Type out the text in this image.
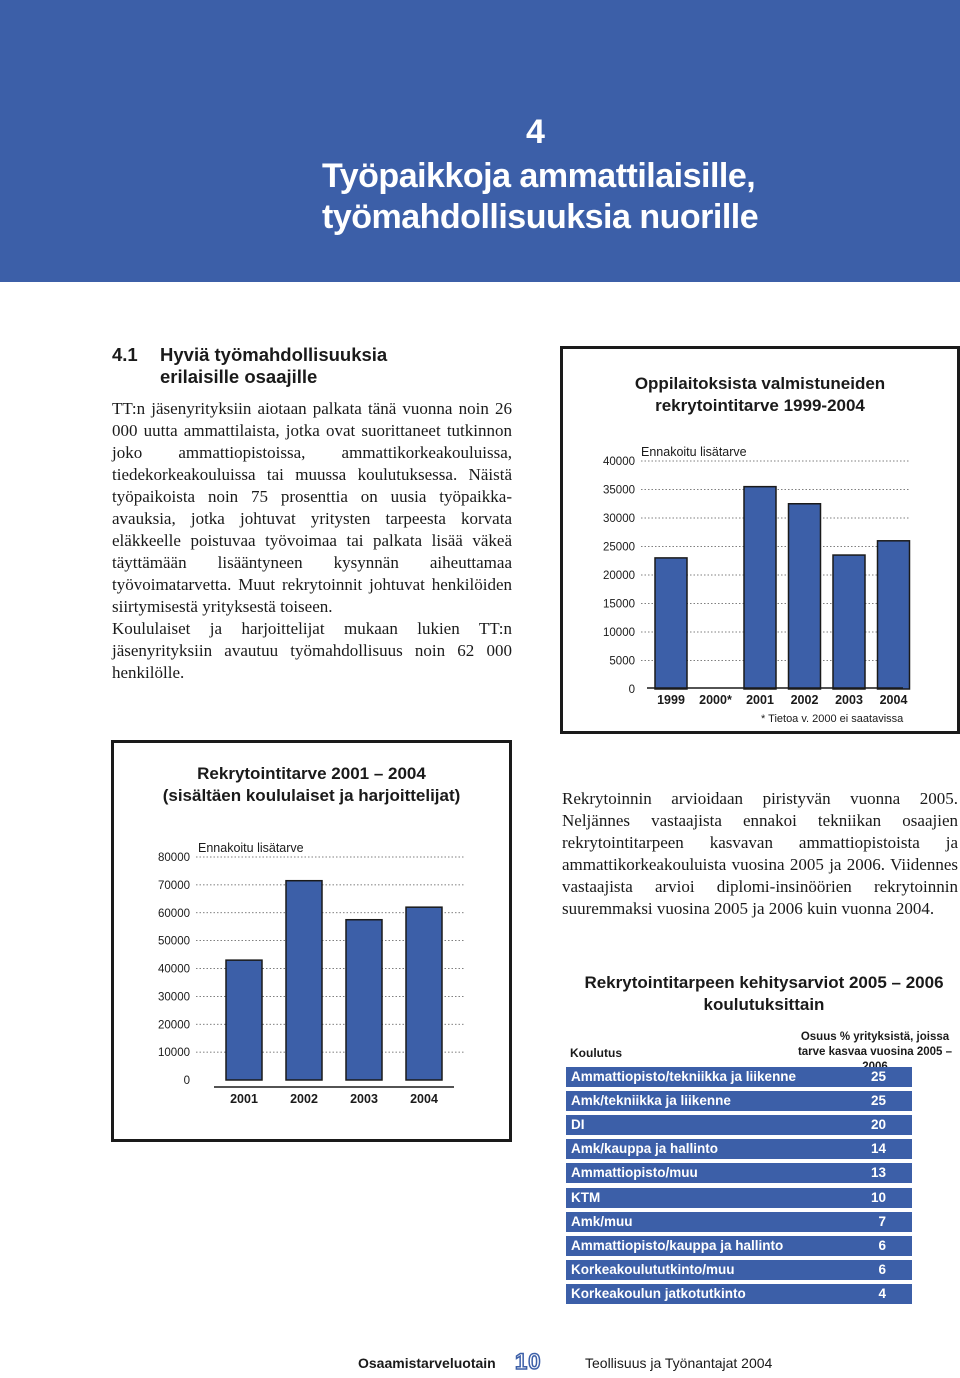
4
Työpaikkoja ammattilaisille,
työmahdollisuuksia nuorille
4.1 Hyviä työmahdollisuuksia
erilaisille osaajille

TT:n jäsenyrityksiin aiotaan palkata tänä vuonna noin 26 000 uutta ammattilaista, jotka ovat suorittaneet tutkinnon joko ammattiopistoissa, ammattikorkeakouluissa, tiedekorkeakouluissa tai muussa koulutuksessa. Näistä työpaikoista noin 75 prosenttia on uusia työpaikka-avauksia, jotka johtuvat yritysten tarpeesta korvata eläkkeelle poistuvaa työvoimaa tai palkata lisää väkeä täyttämään lisääntyneen kysynnän aiheuttamaa työvoimatarvetta. Muut rekrytoinnit johtuvat henkilöiden siirtymisestä yrityksestä toiseen.

Koululaiset ja harjoittelijat mukaan lukien TT:n jäsenyrityksiin avautuu työmahdollisuus noin 62 000 henkilölle.

Oppilaitoksista valmistuneiden
rekrytointitarve 1999-2004
0
5000
10000
15000
20000
25000
30000
35000
40000
Ennakoitu lisätarve
1999 2000* 2001 2002 2003 2004
* Tietoa v. 2000 ei saatavissa
Rekrytointitarve 2001 – 2004
(sisältäen koululaiset ja harjoittelijat)
0
10000
20000
30000
40000
50000
60000
70000
80000
Ennakoitu lisätarve
2001	2002	2003	2004

Rekrytoinnin arvioidaan piristyvän vuonna 2005. Neljännes vastaajista ennakoi tekniikan osaajien rekrytointitarpeen kasvavan ammattiopistoista ja ammattikorkeakouluista vuosina 2005 ja 2006. Viidennes vastaajista arvioi diplomi-insinöörien rekrytoinnin suuremmaksi vuosina 2005 ja 2006 kuin vuonna 2004.

Rekrytointitarpeen kehitysarviot 2005 – 2006
koulutuksittain
Koulutus
Osuus % yrityksistä, joissa
tarve kasvaa vuosina 2005 –
Ammattiopisto/tekniikka ja liikenne	25
Amk/tekniikka ja liikenne	25
DI	20
Amk/kauppa ja hallinto	14
Ammattiopisto/muu	13
KTM	10
Amk/muu	7
Ammattiopisto/kauppa ja hallinto	6
Korkeakoulututkinto/muu	6
Korkeakoulun jatkotutkinto	4
Osaamistarveluotain 10	Teollisuus ja Työnantajat 2004
